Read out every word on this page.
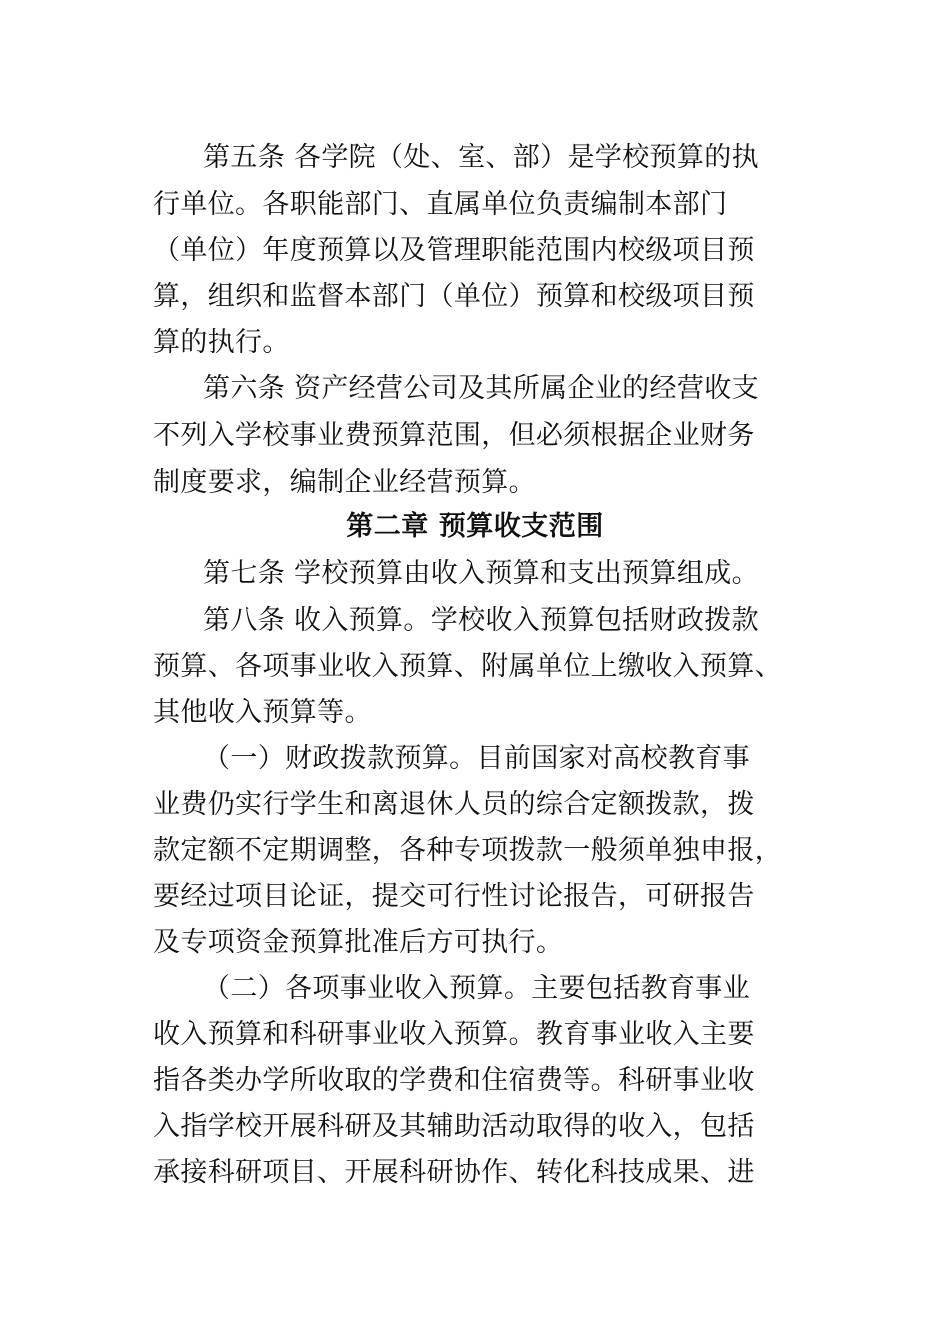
第五条 各学院（处、室、部）是学校预算的执
行单位。各职能部门、直属单位负责编制本部门
（单位）年度预算以及管理职能范围内校级项目预
算，组织和监督本部门（单位）预算和校级项目预
算的执行。
第六条 资产经营公司及其所属企业的经营收支
不列入学校事业费预算范围，但必须根据企业财务
制度要求，编制企业经营预算。
第二章 预算收支范围
第七条 学校预算由收入预算和支出预算组成。
第八条 收入预算。学校收入预算包括财政拨款
预算、各项事业收入预算、附属单位上缴收入预算、
其他收入预算等。
（一）财政拨款预算。目前国家对高校教育事
业费仍实行学生和离退休人员的综合定额拨款，拨
款定额不定期调整，各种专项拨款一般须单独申报，
要经过项目论证，提交可行性讨论报告，可研报告
及专项资金预算批准后方可执行。
（二）各项事业收入预算。主要包括教育事业
收入预算和科研事业收入预算。教育事业收入主要
指各类办学所收取的学费和住宿费等。科研事业收
入指学校开展科研及其辅助活动取得的收入，包括
承接科研项目、开展科研协作、转化科技成果、进
